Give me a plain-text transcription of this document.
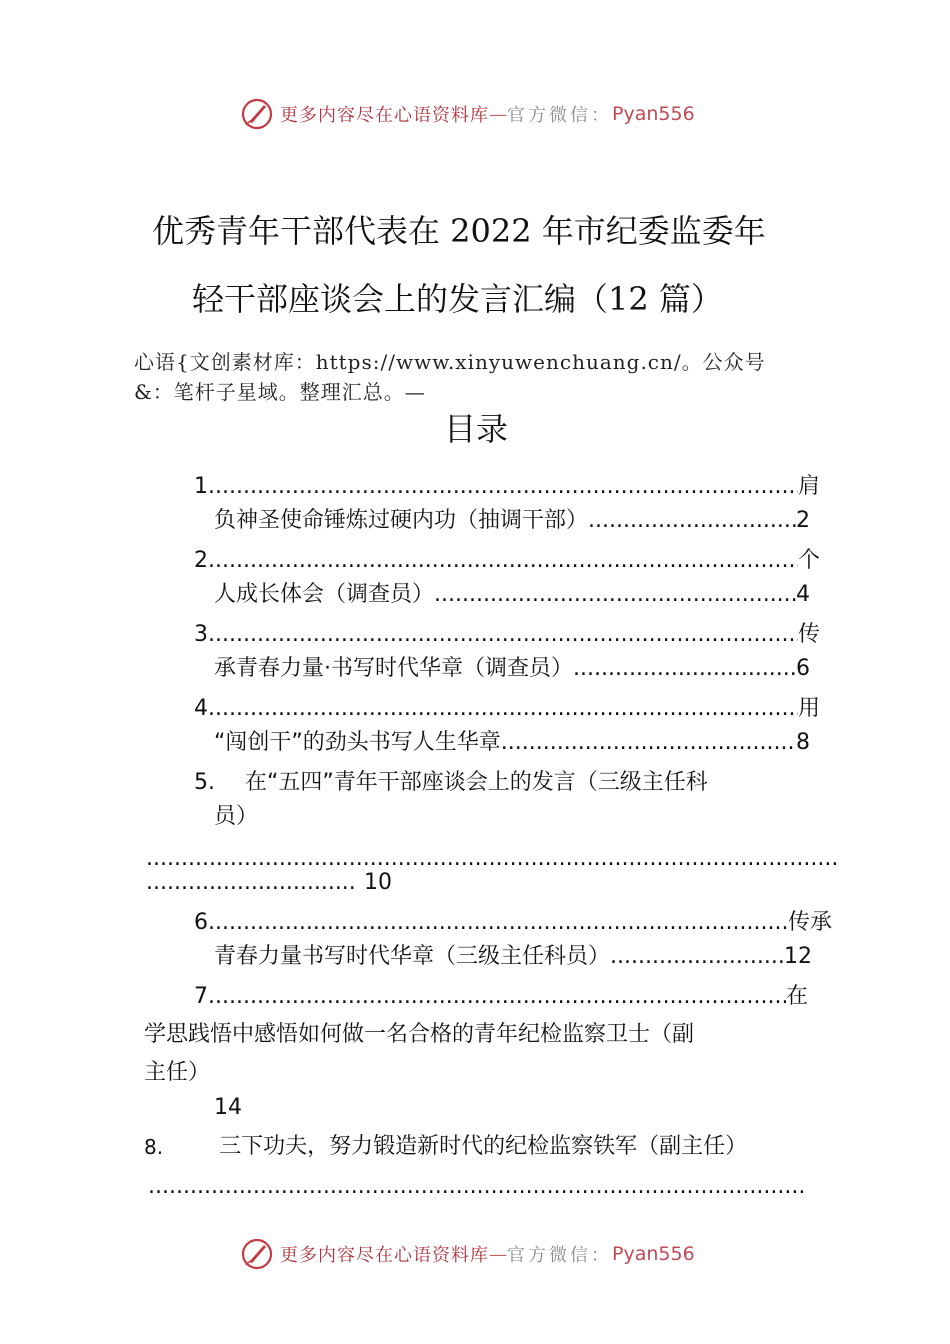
更多内容尽在心语资料库 — 官方微信： Pyan556
优秀青年干部代表在 2022 年市纪委监委年
轻干部座谈会上的发言汇编（12 篇）
心语{文创素材库：https://www.xinyuwenchuang.cn/。公众号
&：笔杆子星域。整理汇总。—
目录
1. .....	肩
负神圣使命锤炼过硬内功（抽调干部） .....	2
2. .....	个
人成长体会（调查员） .....	4
3. .....	传
承青春力量·书写时代华章（调查员） .....	6
4. .....	用
“闯创干”的劲头书写人生华章 .....	8
5. 在“五四”青年干部座谈会上的发言（三级主任科
员）
.....
.....
10
6. .....	传承
青春力量书写时代华章（三级主任科员） .....	12
7. .....	在
学思践悟中感悟如何做一名合格的青年纪检监察卫士（副
主任）
14
8.	三下功夫，努力锻造新时代的纪检监察铁军（副主任）
.....
更多内容尽在心语资料库 — 官方微信： Pyan556
